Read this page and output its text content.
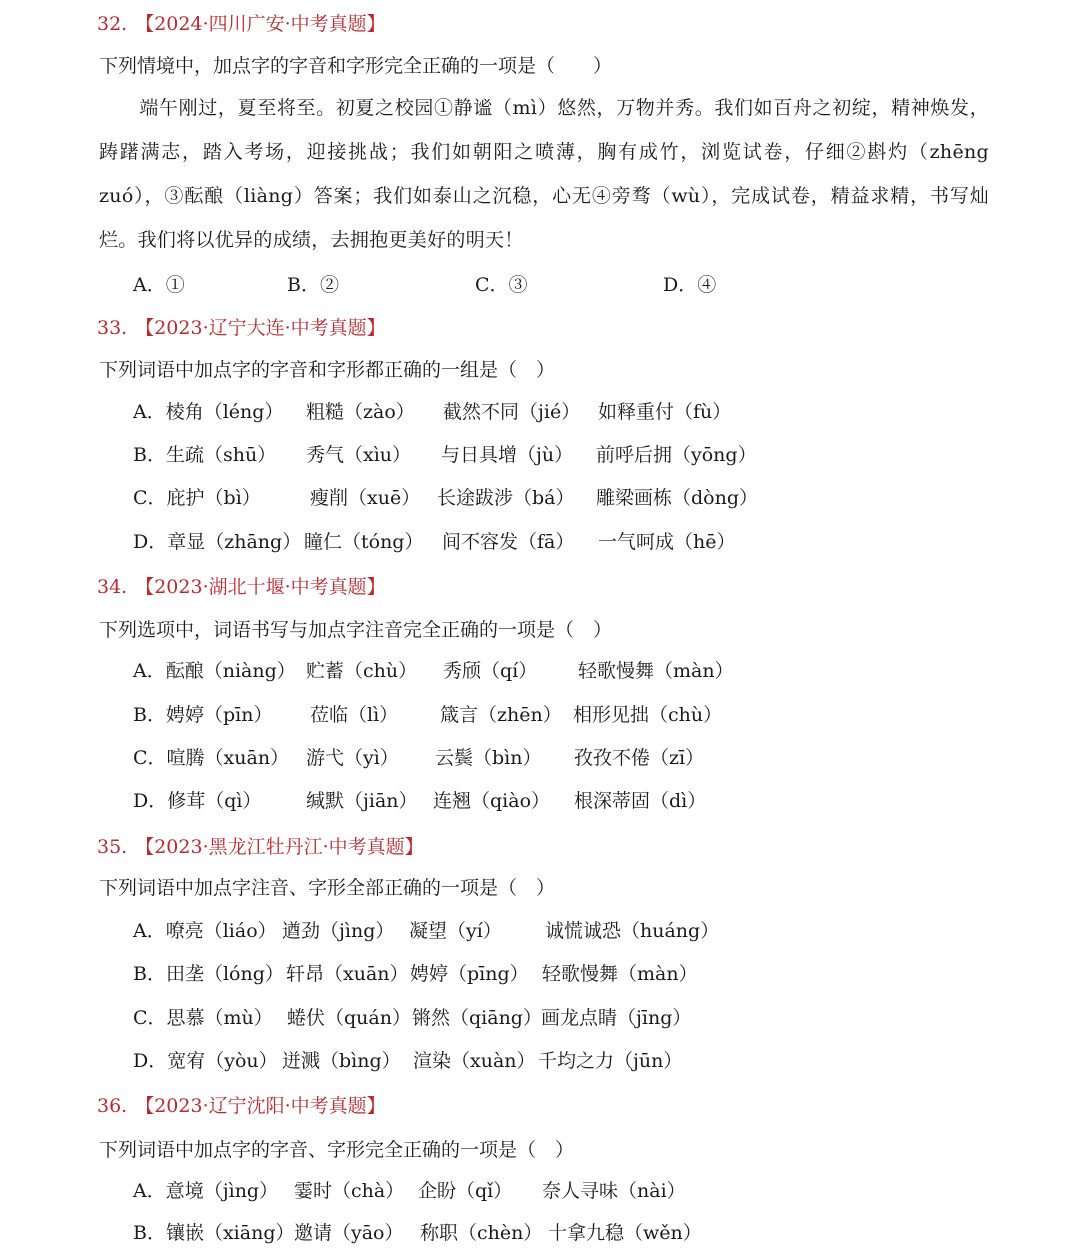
32. 【2024·四川广安·中考真题】
下列情境中，加点字的字音和字形完全正确的一项是（　　）
端午刚过，夏至将至。初夏之校园①静谧（mì）悠然，万物并秀。我们如百舟之初绽，精神焕发，踌躇满志，踏入考场，迎接挑战；我们如朝阳之喷薄，胸有成竹，浏览试卷，仔细②斟灼（zhēng zuó），③酝酿（liàng）答案；我们如泰山之沉稳，心无④旁骛（wù），完成试卷，精益求精，书写灿烂。我们将以优异的成绩，去拥抱更美好的明天！
A．①	B．②	C．③	D．④
33. 【2023·辽宁大连·中考真题】
下列词语中加点字的字音和字形都正确的一组是（　）
A．棱角（léng） 粗糙（zào） 截然不同（jié） 如释重付（fù）
B．生疏（shū） 秀气（xìu） 与日具增（jù） 前呼后拥（yōng）
C．庇护（bì）	瘦削（xuē） 长途跋涉（bá） 雕梁画栋（dòng）
D．章显（zhāng） 瞳仁（tóng） 间不容发（fā） 一气呵成（hē）
34. 【2023·湖北十堰·中考真题】
下列选项中，词语书写与加点字注音完全正确的一项是（　）
A．酝酿（niàng） 贮蓄（chù） 秀颀（qí） 轻歌慢舞（màn）
B．娉婷（pīn） 莅临（lì） 箴言（zhēn） 相形见拙（chù）
C．喧腾（xuān） 游弋（yì） 云鬓（bìn） 孜孜不倦（zī）
D．修茸（qì） 缄默（jiān） 连翘（qiào） 根深蒂固（dì）
35. 【2023·黑龙江牡丹江·中考真题】
下列词语中加点字注音、字形全部正确的一项是（　）
A．嘹亮（liáo） 遒劲（jìng） 凝望（yí） 诚慌诚恐（huáng）
B．田垄（lóng） 轩昂（xuān） 娉婷（pīng） 轻歌慢舞（màn）
C．思慕（mù） 蜷伏（quán） 锵然（qiāng） 画龙点睛（jīng）
D．宽宥（yòu） 迸溅（bìng） 渲染（xuàn） 千均之力（jūn）
36. 【2023·辽宁沈阳·中考真题】
下列词语中加点字的字音、字形完全正确的一项是（　）
A．意境（jìng） 霎时（chà） 企盼（qǐ） 奈人寻味（nài）
B．镶嵌（xiāng） 邀请（yāo） 称职（chèn） 十拿九稳（wěn）
